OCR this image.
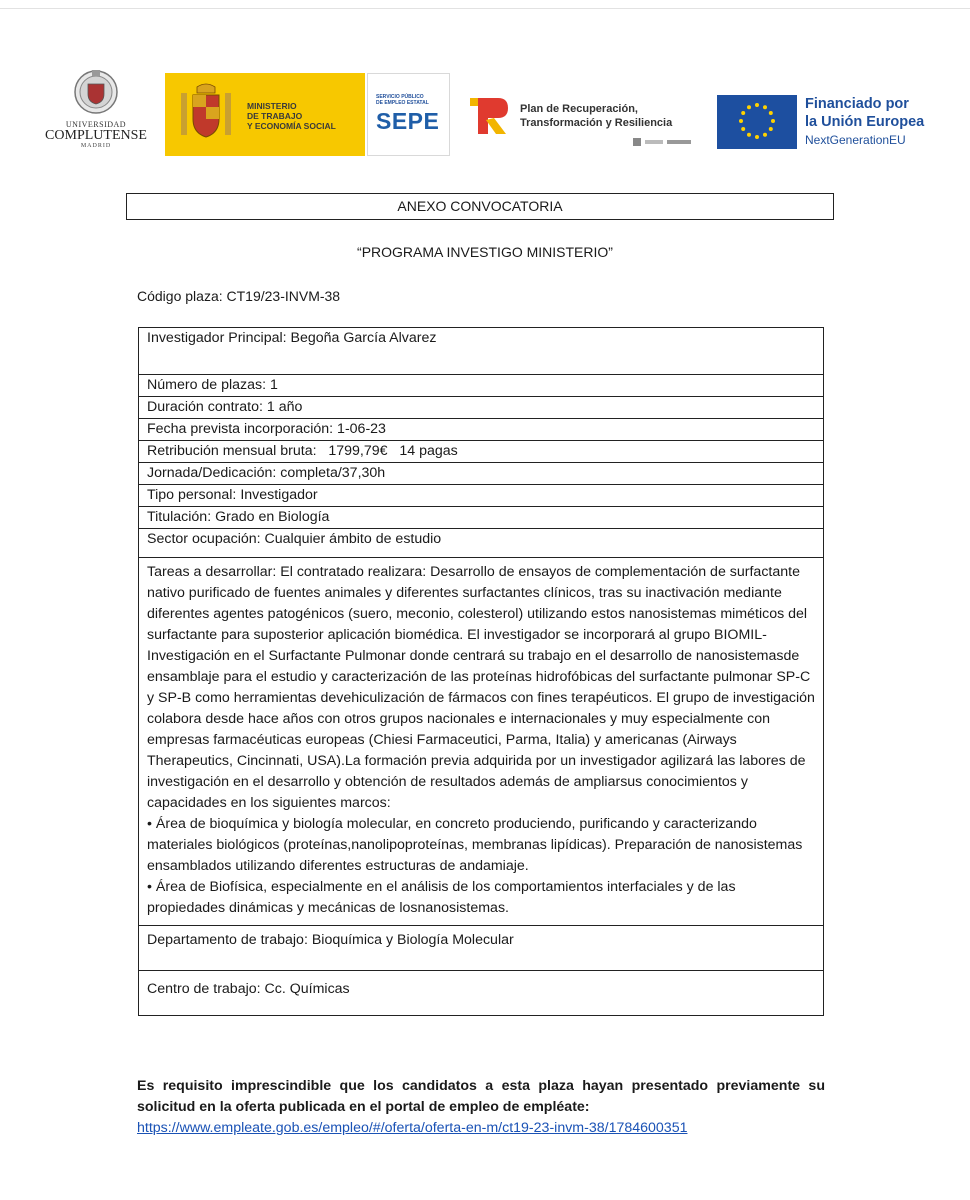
UNIVERSIDAD
COMPLUTENSE
MADRID
MINISTERIO
DE TRABAJO
Y ECONOMÍA SOCIAL
SERVICIO PÚBLICO
DE EMPLEO ESTATAL
SEPE	Plan de Recuperación,
Transformación y Resiliencia
Financiado por
la Unión Europea
NextGenerationEU
ANEXO CONVOCATORIA
“PROGRAMA INVESTIGO MINISTERIO”
Código plaza: CT19/23-INVM-38
Investigador Principal: Begoña García Alvarez
Número de plazas: 1
Duración contrato: 1 año
Fecha prevista incorporación: 1-06-23
Retribución mensual bruta:   1799,79€   14 pagas
Jornada/Dedicación: completa/37,30h
Tipo personal: Investigador
Titulación: Grado en Biología
Sector ocupación: Cualquier ámbito de estudio
Tareas a desarrollar: El contratado realizara: Desarrollo de ensayos de complementación de surfactante nativo purificado de fuentes animales y diferentes surfactantes clínicos, tras su inactivación mediante diferentes agentes patogénicos (suero, meconio, colesterol) utilizando estos nanosistemas miméticos del surfactante para suposterior aplicación biomédica. El investigador se incorporará al grupo BIOMIL- Investigación en el Surfactante Pulmonar donde centrará su trabajo en el desarrollo de nanosistemasde ensamblaje para el estudio y caracterización de las proteínas hidrofóbicas del surfactante pulmonar SP-C y SP-B como herramientas devehiculización de fármacos con fines terapéuticos. El grupo de investigación colabora desde hace años con otros grupos nacionales e internacionales y muy especialmente con empresas farmacéuticas europeas (Chiesi Farmaceutici, Parma, Italia) y americanas (Airways Therapeutics, Cincinnati, USA).La formación previa adquirida por un investigador agilizará las labores de investigación en el desarrollo y obtención de resultados además de ampliarsus conocimientos y capacidades en los siguientes marcos:
• Área de bioquímica y biología molecular, en concreto produciendo, purificando y caracterizando materiales biológicos (proteínas,nanolipoproteínas, membranas lipídicas). Preparación de nanosistemas ensamblados utilizando diferentes estructuras de andamiaje.
• Área de Biofísica, especialmente en el análisis de los comportamientos interfaciales y de las propiedades dinámicas y mecánicas de losnanosistemas.

Departamento de trabajo: Bioquímica y Biología Molecular
Centro de trabajo: Cc. Químicas
Es requisito imprescindible que los candidatos a esta plaza hayan presentado previamente su solicitud en la oferta publicada en el portal de empleo de empléate:
https://www.empleate.gob.es/empleo/#/oferta/oferta-en-m/ct19-23-invm-38/1784600351
